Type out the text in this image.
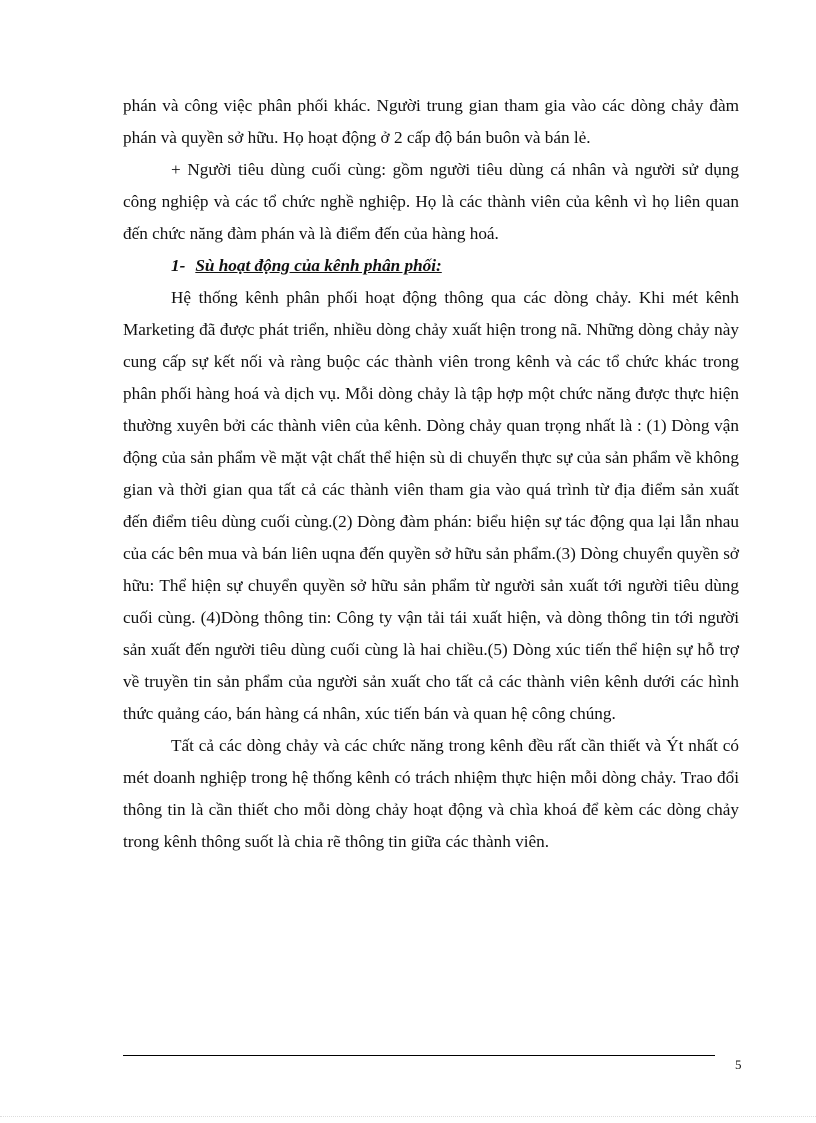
phán và công việc phân phối khác. Người trung gian tham gia vào các dòng chảy đàm phán và quyền sở hữu. Họ hoạt động ở 2 cấp độ bán buôn và bán lẻ.

+ Người tiêu dùng cuối cùng: gồm người tiêu dùng cá nhân và người sử dụng công nghiệp và các tổ chức nghề nghiệp. Họ là các thành viên của kênh vì họ liên quan đến chức năng đàm phán và là điểm đến của hàng hoá.

1- Sù hoạt động của kênh phân phối:

Hệ thống kênh phân phối hoạt động thông qua các dòng chảy. Khi mét kênh Marketing đã được phát triển, nhiều dòng chảy xuất hiện trong nã. Những dòng chảy này cung cấp sự kết nối và ràng buộc các thành viên trong kênh và các tổ chức khác trong phân phối hàng hoá và dịch vụ. Mỗi dòng chảy là tập hợp một chức năng được thực hiện thường xuyên bởi các thành viên của kênh. Dòng chảy quan trọng nhất là : (1) Dòng vận động của sản phẩm về mặt vật chất thể hiện sù di chuyển thực sự của sản phẩm về không gian và thời gian qua tất cả các thành viên tham gia vào quá trình từ địa điểm sản xuất đến điểm tiêu dùng cuối cùng.(2) Dòng đàm phán: biểu hiện sự tác động qua lại lẫn nhau của các bên mua và bán liên uqna đến quyền sở hữu sản phẩm.(3) Dòng chuyển quyền sở hữu: Thể hiện sự chuyển quyền sở hữu sản phẩm từ người sản xuất tới người tiêu dùng cuối cùng. (4)Dòng thông tin: Công ty vận tải tái xuất hiện, và dòng thông tin tới người sản xuất đến người tiêu dùng cuối cùng là hai chiều.(5) Dòng xúc tiến thể hiện sự hỗ trợ về truyền tin sản phẩm của người sản xuất cho tất cả các thành viên kênh dưới các hình thức quảng cáo, bán hàng cá nhân, xúc tiến bán và quan hệ công chúng.

Tất cả các dòng chảy và các chức năng trong kênh đều rất cần thiết và Ýt nhất có mét doanh nghiệp trong hệ thống kênh có trách nhiệm thực hiện mỗi dòng chảy. Trao đổi thông tin là cần thiết cho mỗi dòng chảy hoạt động và chìa khoá để kèm các dòng chảy trong kênh thông suốt là chia rẽ thông tin giữa các thành viên.

5
